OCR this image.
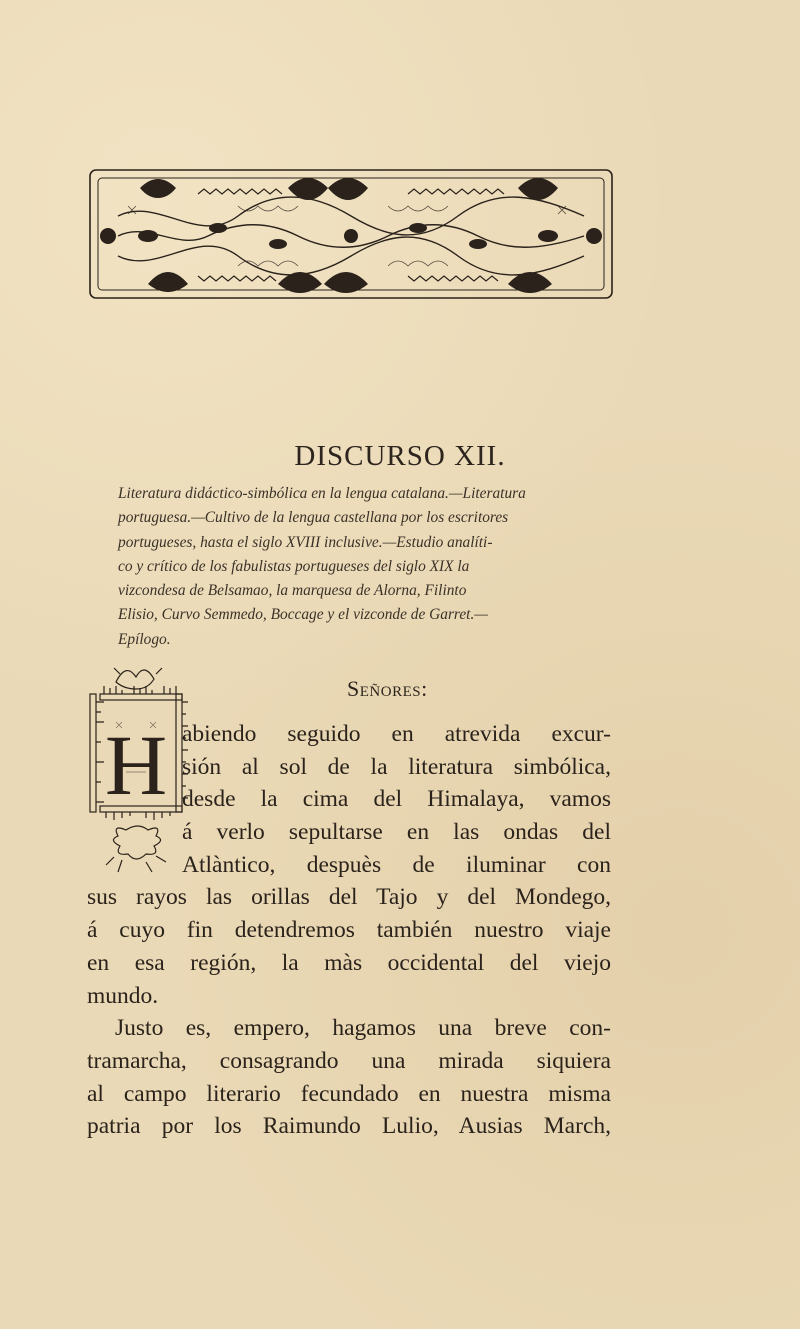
DISCURSO XII.
Literatura didáctico-simbólica en la lengua catalana.—Literatura
portuguesa.—Cultivo de la lengua castellana por los escritores
portugueses, hasta el siglo XVIII inclusive.—Estudio analíti-
co y crítico de los fabulistas portugueses del siglo XIX la
vizcondesa de Belsamao, la marquesa de Alorna, Filinto
Elisio, Curvo Semmedo, Boccage y el vizconde de Garret.—
Epílogo.
Señores:
H abiendo seguido en atrevida excur-
sión al sol de la literatura simbólica,
desde la cima del Himalaya, vamos
á verlo sepultarse en las ondas del
Atlàntico, despuès de iluminar con
sus rayos las orillas del Tajo y del Mondego,
á cuyo fin detendremos también nuestro viaje
en esa región, la màs occidental del viejo
mundo.
Justo es, empero, hagamos una breve con-
tramarcha, consagrando una mirada siquiera
al campo literario fecundado en nuestra misma
patria por los Raimundo Lulio, Ausias March,
